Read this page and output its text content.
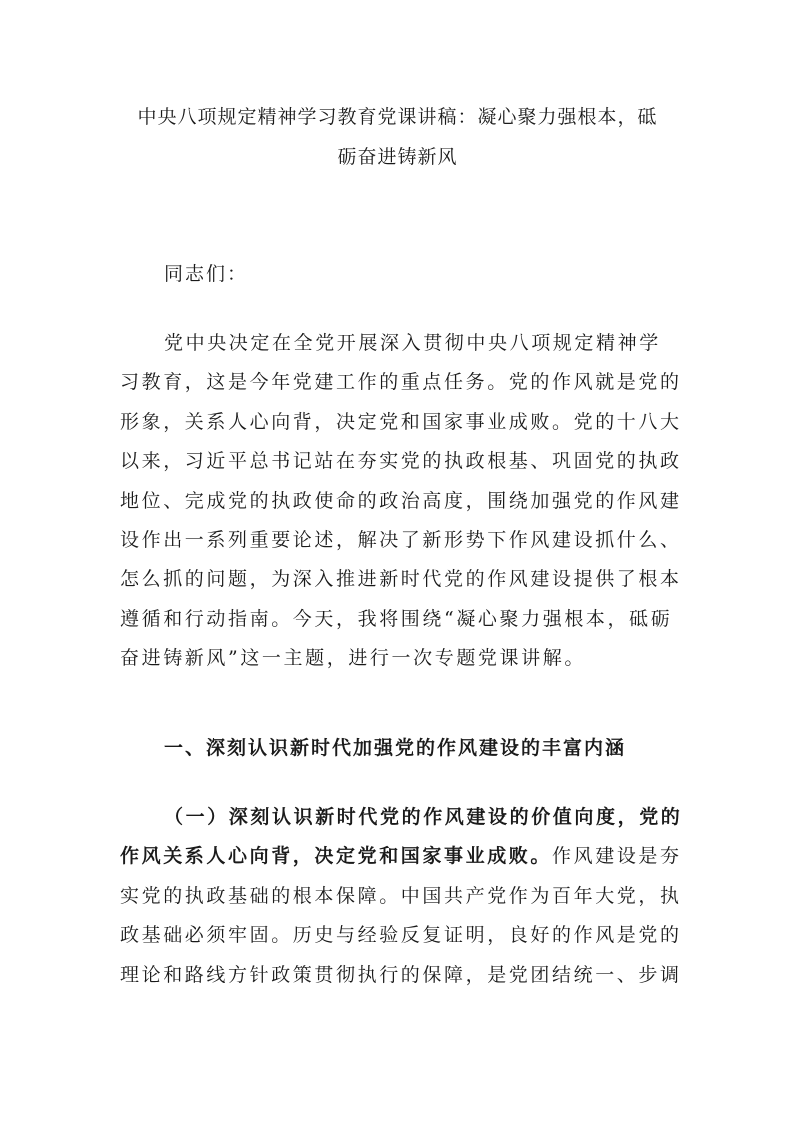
中央八项规定精神学习教育党课讲稿：凝心聚力强根本，砥
砺奋进铸新风
同志们：
党中央决定在全党开展深入贯彻中央八项规定精神学
习教育，这是今年党建工作的重点任务。党的作风就是党的
形象，关系人心向背，决定党和国家事业成败。党的十八大
以来，习近平总书记站在夯实党的执政根基、巩固党的执政
地位、完成党的执政使命的政治高度，围绕加强党的作风建
设作出一系列重要论述，解决了新形势下作风建设抓什么、
怎么抓的问题，为深入推进新时代党的作风建设提供了根本
遵循和行动指南。今天，我将围绕“凝心聚力强根本，砥砺
奋进铸新风”这一主题，进行一次专题党课讲解。
一、深刻认识新时代加强党的作风建设的丰富内涵
（一）深刻认识新时代党的作风建设的价值向度，党的
作风关系人心向背，决定党和国家事业成败。作风建设是夯
实党的执政基础的根本保障。中国共产党作为百年大党，执
政基础必须牢固。历史与经验反复证明，良好的作风是党的
理论和路线方针政策贯彻执行的保障，是党团结统一、步调
